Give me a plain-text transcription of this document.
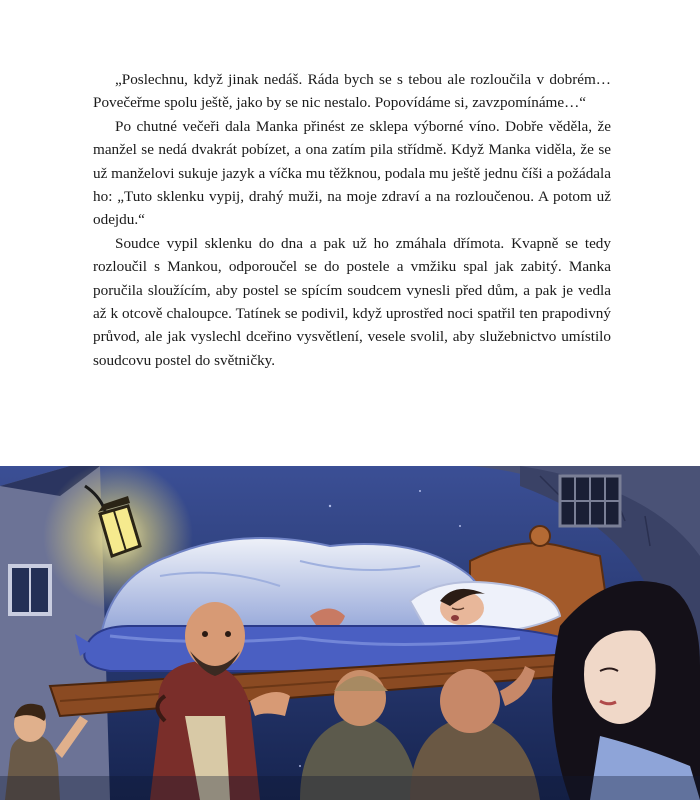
„Poslechnu, když jinak nedáš. Ráda bych se s tebou ale rozloučila v dobrém… Povečeřme spolu ještě, jako by se nic nestalo. Popovídáme si, zavzpomínáme…“

Po chutné večeři dala Manka přinést ze sklepa výborné víno. Dobře věděla, že manžel se nedá dvakrát pobízet, a ona zatím pila střídmě. Když Manka viděla, že se už manželovi sukuje jazyk a víčka mu těžknou, podala mu ještě jednu číši a požádala ho: „Tuto sklenku vypij, drahý muži, na moje zdraví a na rozloučenou. A potom už odejdu.“

Soudce vypil sklenku do dna a pak už ho zmáhala dřímota. Kvapně se tedy rozloučil s Mankou, odporoučel se do postele a vmžiku spal jak zabitý. Manka poručila sloužícím, aby postel se spícím soudcem vynesli před dům, a pak je vedla až k otcově chaloupce. Tatínek se podivil, když uprostřed noci spatřil ten prapodivný průvod, ale jak vyslechl dceřino vysvětlení, vesele svolil, aby služebnictvo umístilo soudcovu postel do světničky.
